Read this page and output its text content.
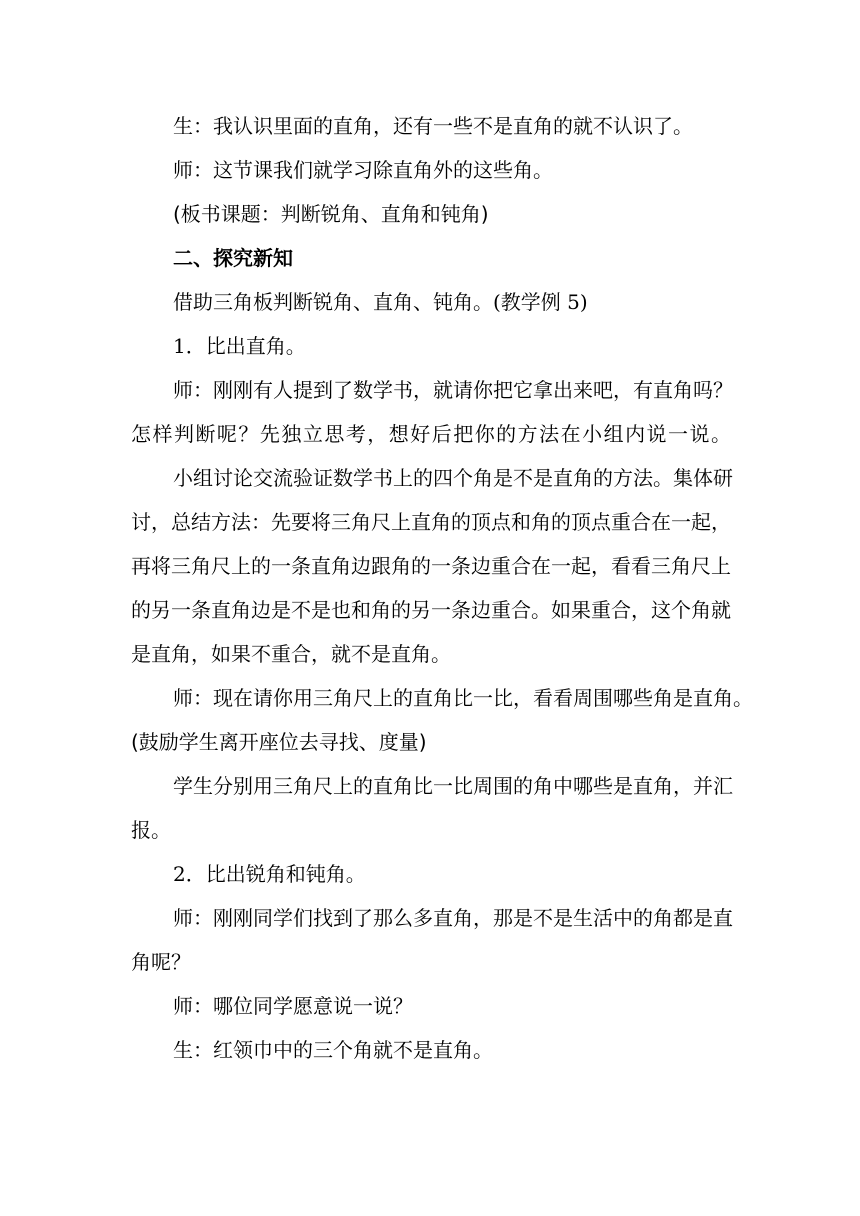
生：我认识里面的直角，还有一些不是直角的就不认识了。
师：这节课我们就学习除直角外的这些角。
(板书课题：判断锐角、直角和钝角)
二、探究新知
借助三角板判断锐角、直角、钝角。(教学例 5)
1．比出直角。
师：刚刚有人提到了数学书，就请你把它拿出来吧，有直角吗？
怎样判断呢？先独立思考，想好后把你的方法在小组内说一说。
小组讨论交流验证数学书上的四个角是不是直角的方法。集体研
讨，总结方法：先要将三角尺上直角的顶点和角的顶点重合在一起，
再将三角尺上的一条直角边跟角的一条边重合在一起，看看三角尺上
的另一条直角边是不是也和角的另一条边重合。如果重合，这个角就
是直角，如果不重合，就不是直角。
师：现在请你用三角尺上的直角比一比，看看周围哪些角是直角。
(鼓励学生离开座位去寻找、度量)
学生分别用三角尺上的直角比一比周围的角中哪些是直角，并汇
报。
2．比出锐角和钝角。
师：刚刚同学们找到了那么多直角，那是不是生活中的角都是直
角呢？
师：哪位同学愿意说一说？
生：红领巾中的三个角就不是直角。
